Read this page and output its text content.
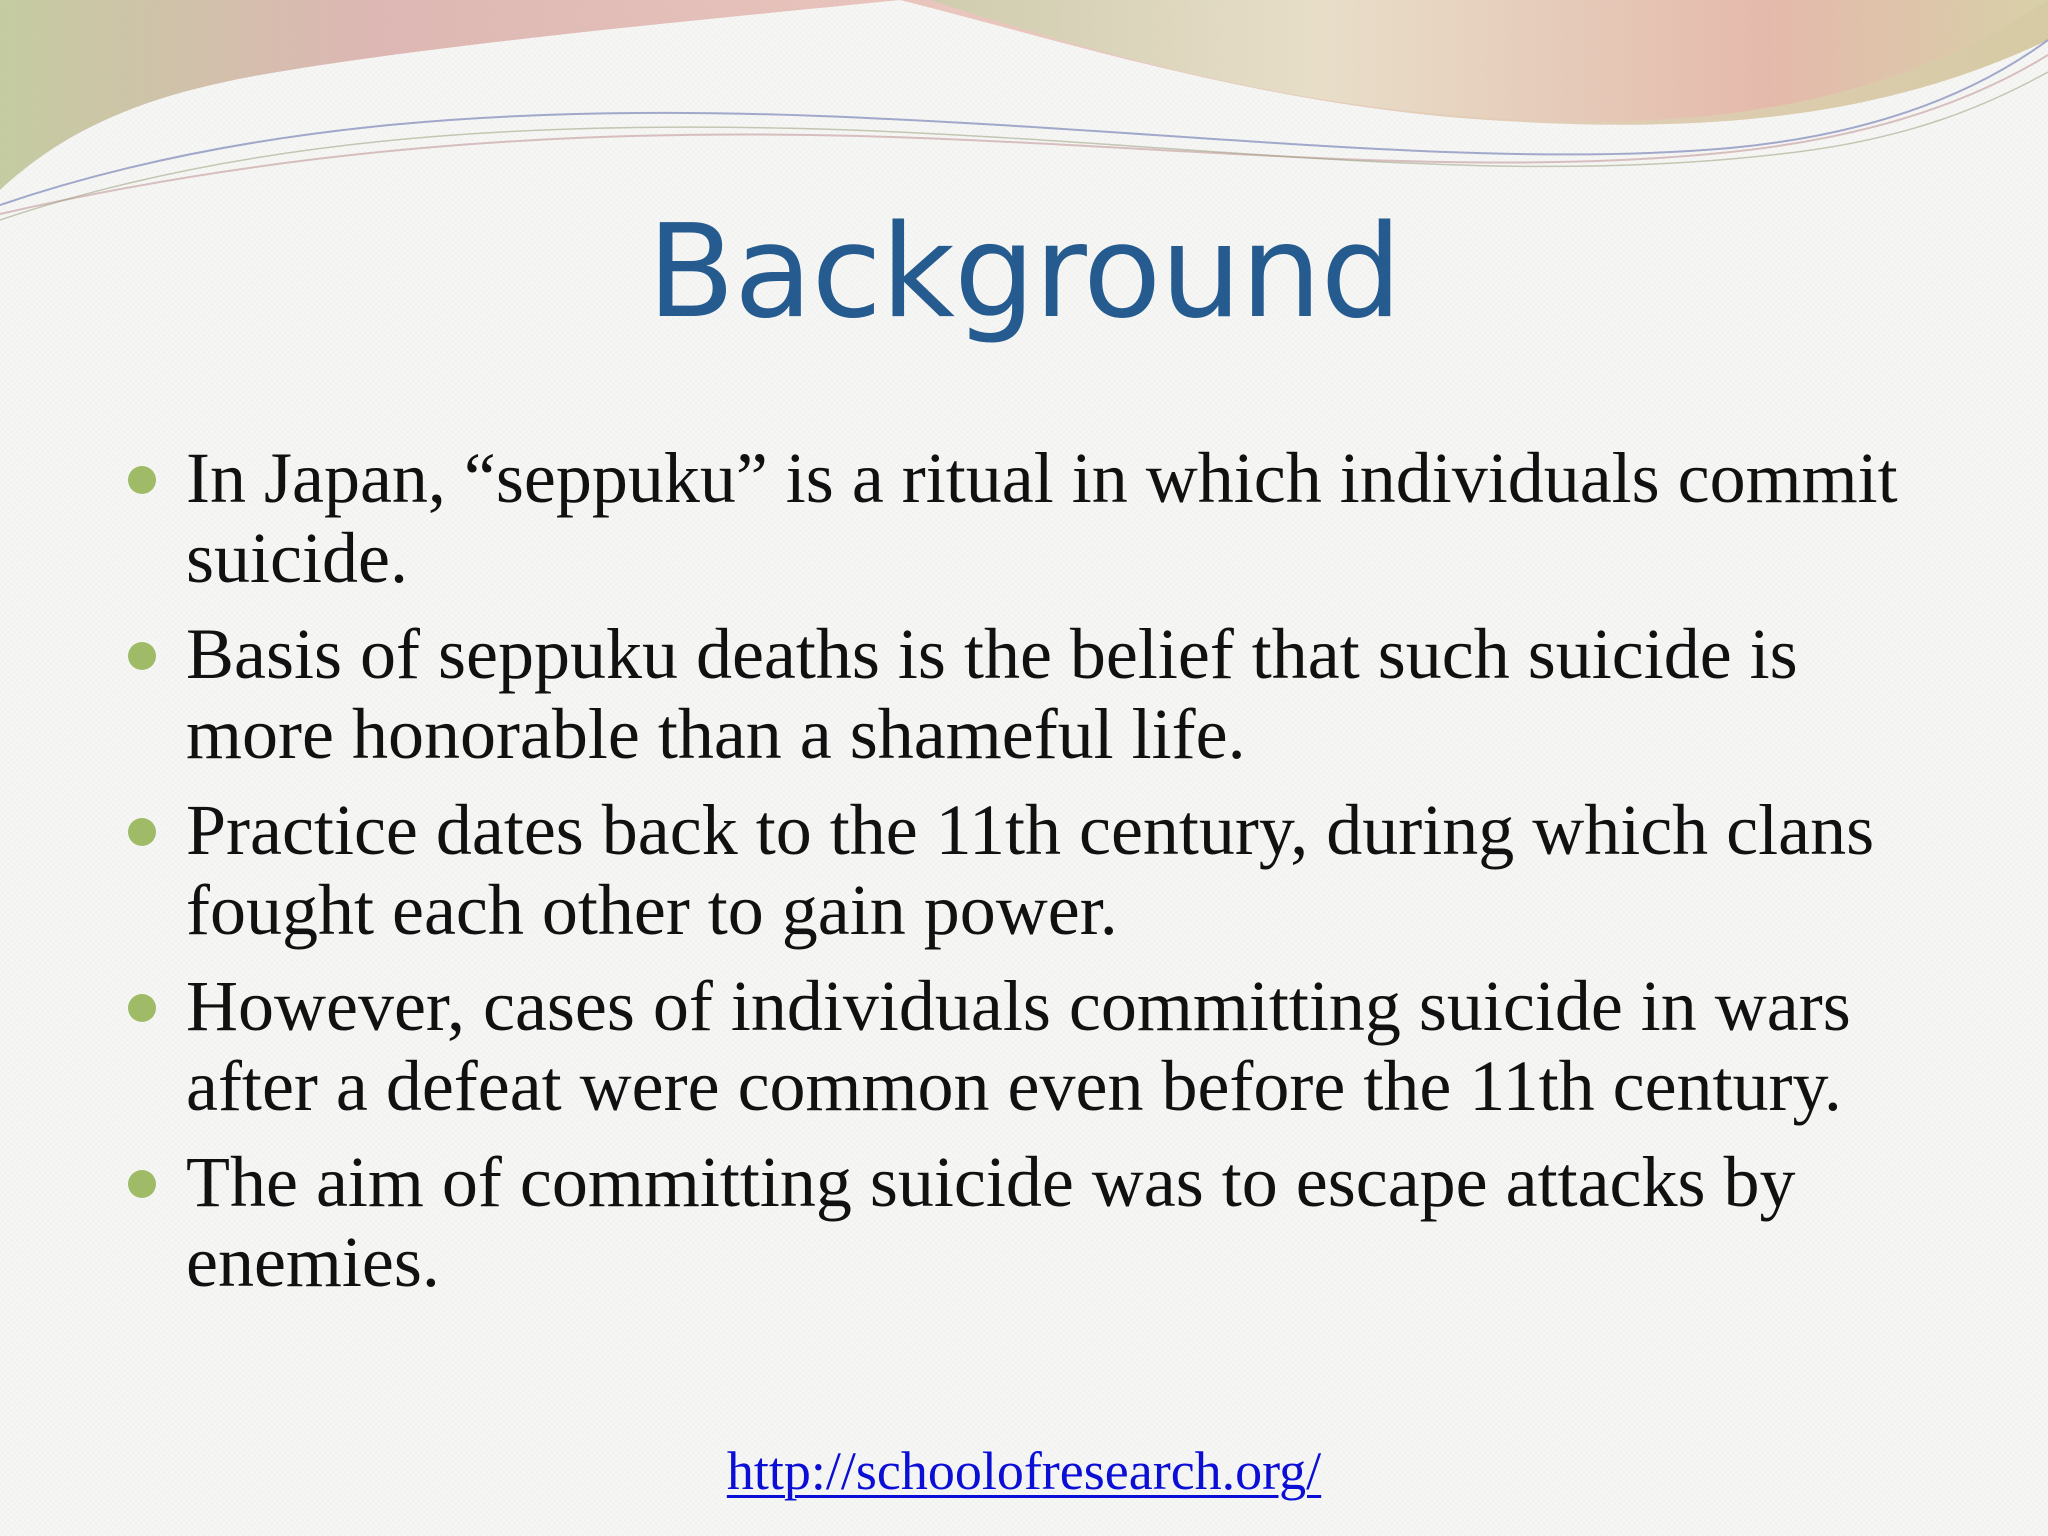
Background
In Japan, “seppuku” is a ritual in which individuals commit suicide.
Basis of seppuku deaths is the belief that such suicide is more honorable than a shameful life.
Practice dates back to the 11th century, during which clans fought each other to gain power.
However, cases of individuals committing suicide in wars after a defeat were common even before the 11th century.
The aim of committing suicide was to escape attacks by enemies.
http://schoolofresearch.org/
